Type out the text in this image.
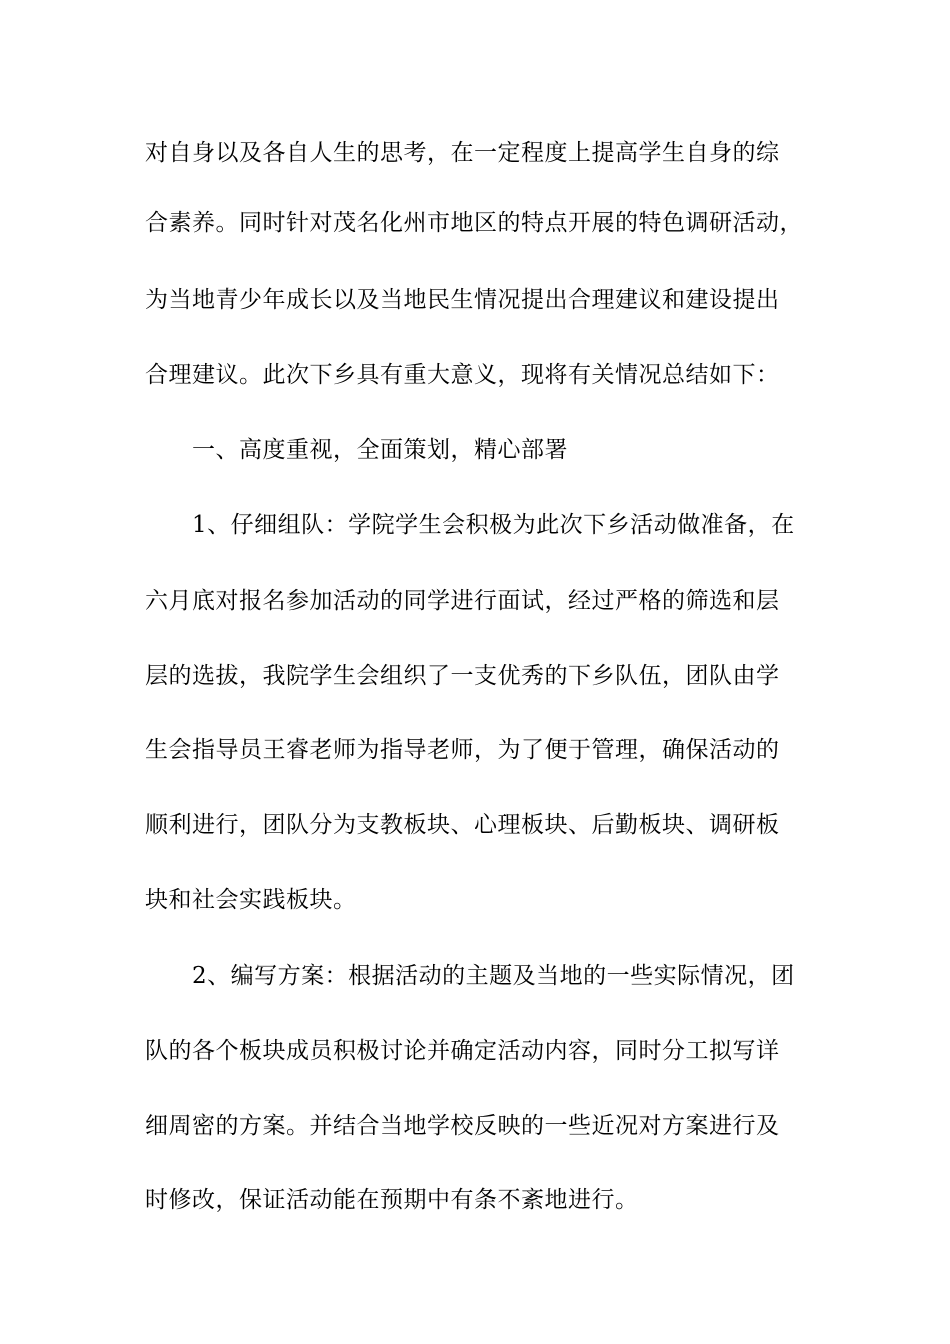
对自身以及各自人生的思考，在一定程度上提高学生自身的综
合素养。同时针对茂名化州市地区的特点开展的特色调研活动，
为当地青少年成长以及当地民生情况提出合理建议和建设提出
合理建议。此次下乡具有重大意义，现将有关情况总结如下：
　　一、高度重视，全面策划，精心部署
　　1、仔细组队：学院学生会积极为此次下乡活动做准备，在
六月底对报名参加活动的同学进行面试，经过严格的筛选和层
层的选拔，我院学生会组织了一支优秀的下乡队伍，团队由学
生会指导员王睿老师为指导老师，为了便于管理，确保活动的
顺利进行，团队分为支教板块、心理板块、后勤板块、调研板
块和社会实践板块。
　　2、编写方案：根据活动的主题及当地的一些实际情况，团
队的各个板块成员积极讨论并确定活动内容，同时分工拟写详
细周密的方案。并结合当地学校反映的一些近况对方案进行及
时修改，保证活动能在预期中有条不紊地进行。
